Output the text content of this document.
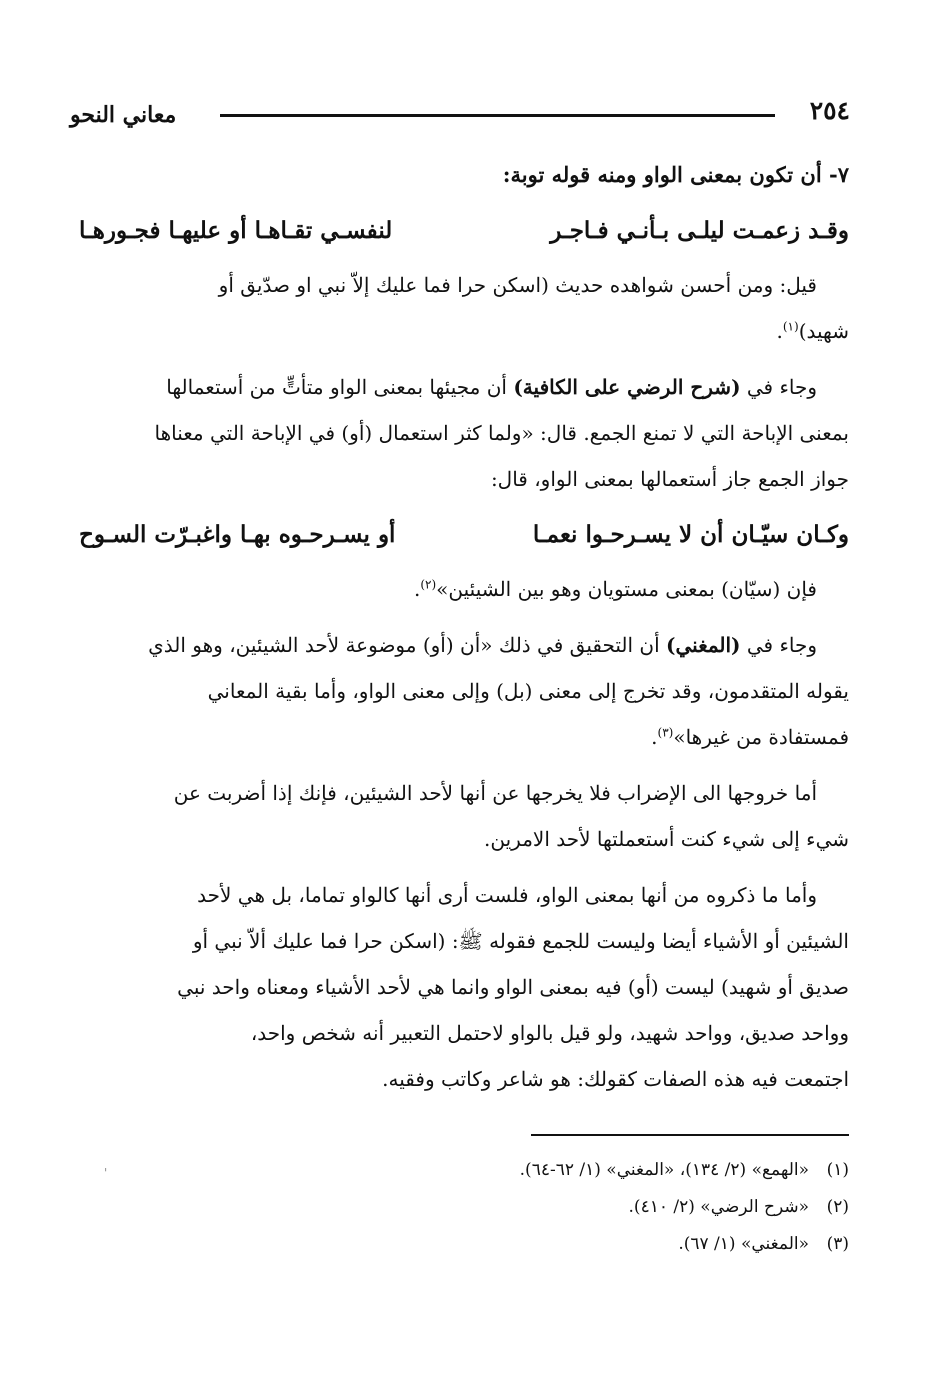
٢٥٤
معاني النحو
٧- أن تكون بمعنى الواو ومنه قوله توبة:
وقـد زعمـت ليلـى بـأنـي فـاجـر
لنفسـي تقـاهـا أو عليهـا فجـورهـا
قيل: ومن أحسن شواهده حديث (اسكن حرا فما عليك إلاّ نبي او صدّيق أو
شهيد)$^{(١)}$.
وجاء في (شرح الرضي على الكافية) أن مجيئها بمعنى الواو متأتٍّ من أستعمالها
بمعنى الإباحة التي لا تمنع الجمع. قال: «ولما كثر استعمال (أو) في الإباحة التي معناها
جواز الجمع جاز أستعمالها بمعنى الواو، قال:
وكـان سيّـان أن لا يسـرحـوا نعمـا
أو يسـرحـوه بهـا واغبـرّت السـوح
فإن (سيّان) بمعنى مستويان وهو بين الشيئين»$^{(٢)}$.
وجاء في (المغني) أن التحقيق في ذلك «أن (أو) موضوعة لأحد الشيئين، وهو الذي
يقوله المتقدمون، وقد تخرج إلى معنى (بل) وإلى معنى الواو، وأما بقية المعاني
فمستفادة من غيرها»$^{(٣)}$.
أما خروجها الى الإضراب فلا يخرجها عن أنها لأحد الشيئين، فإنك إذا أضربت عن
شيء إلى شيء كنت أستعملتها لأحد الامرين.
وأما ما ذكروه من أنها بمعنى الواو، فلست أرى أنها كالواو تماما، بل هي لأحد
الشيئين أو الأشياء أيضا وليست للجمع فقوله ﷺ: (اسكن حرا فما عليك ألاّ نبي أو
صديق أو شهيد) ليست (أو) فيه بمعنى الواو وانما هي لأحد الأشياء ومعناه واحد نبي
وواحد صديق، وواحد شهيد، ولو قيل بالواو لاحتمل التعبير أنه شخص واحد،
اجتمعت فيه هذه الصفات كقولك: هو شاعر وكاتب وفقيه.
(١)«الهمع» (٢/ ١٣٤)، «المغني» (١/ ٦٢-٦٤).
(٢)«شرح الرضي» (٢/ ٤١٠).
(٣)«المغني» (١/ ٦٧).
'
